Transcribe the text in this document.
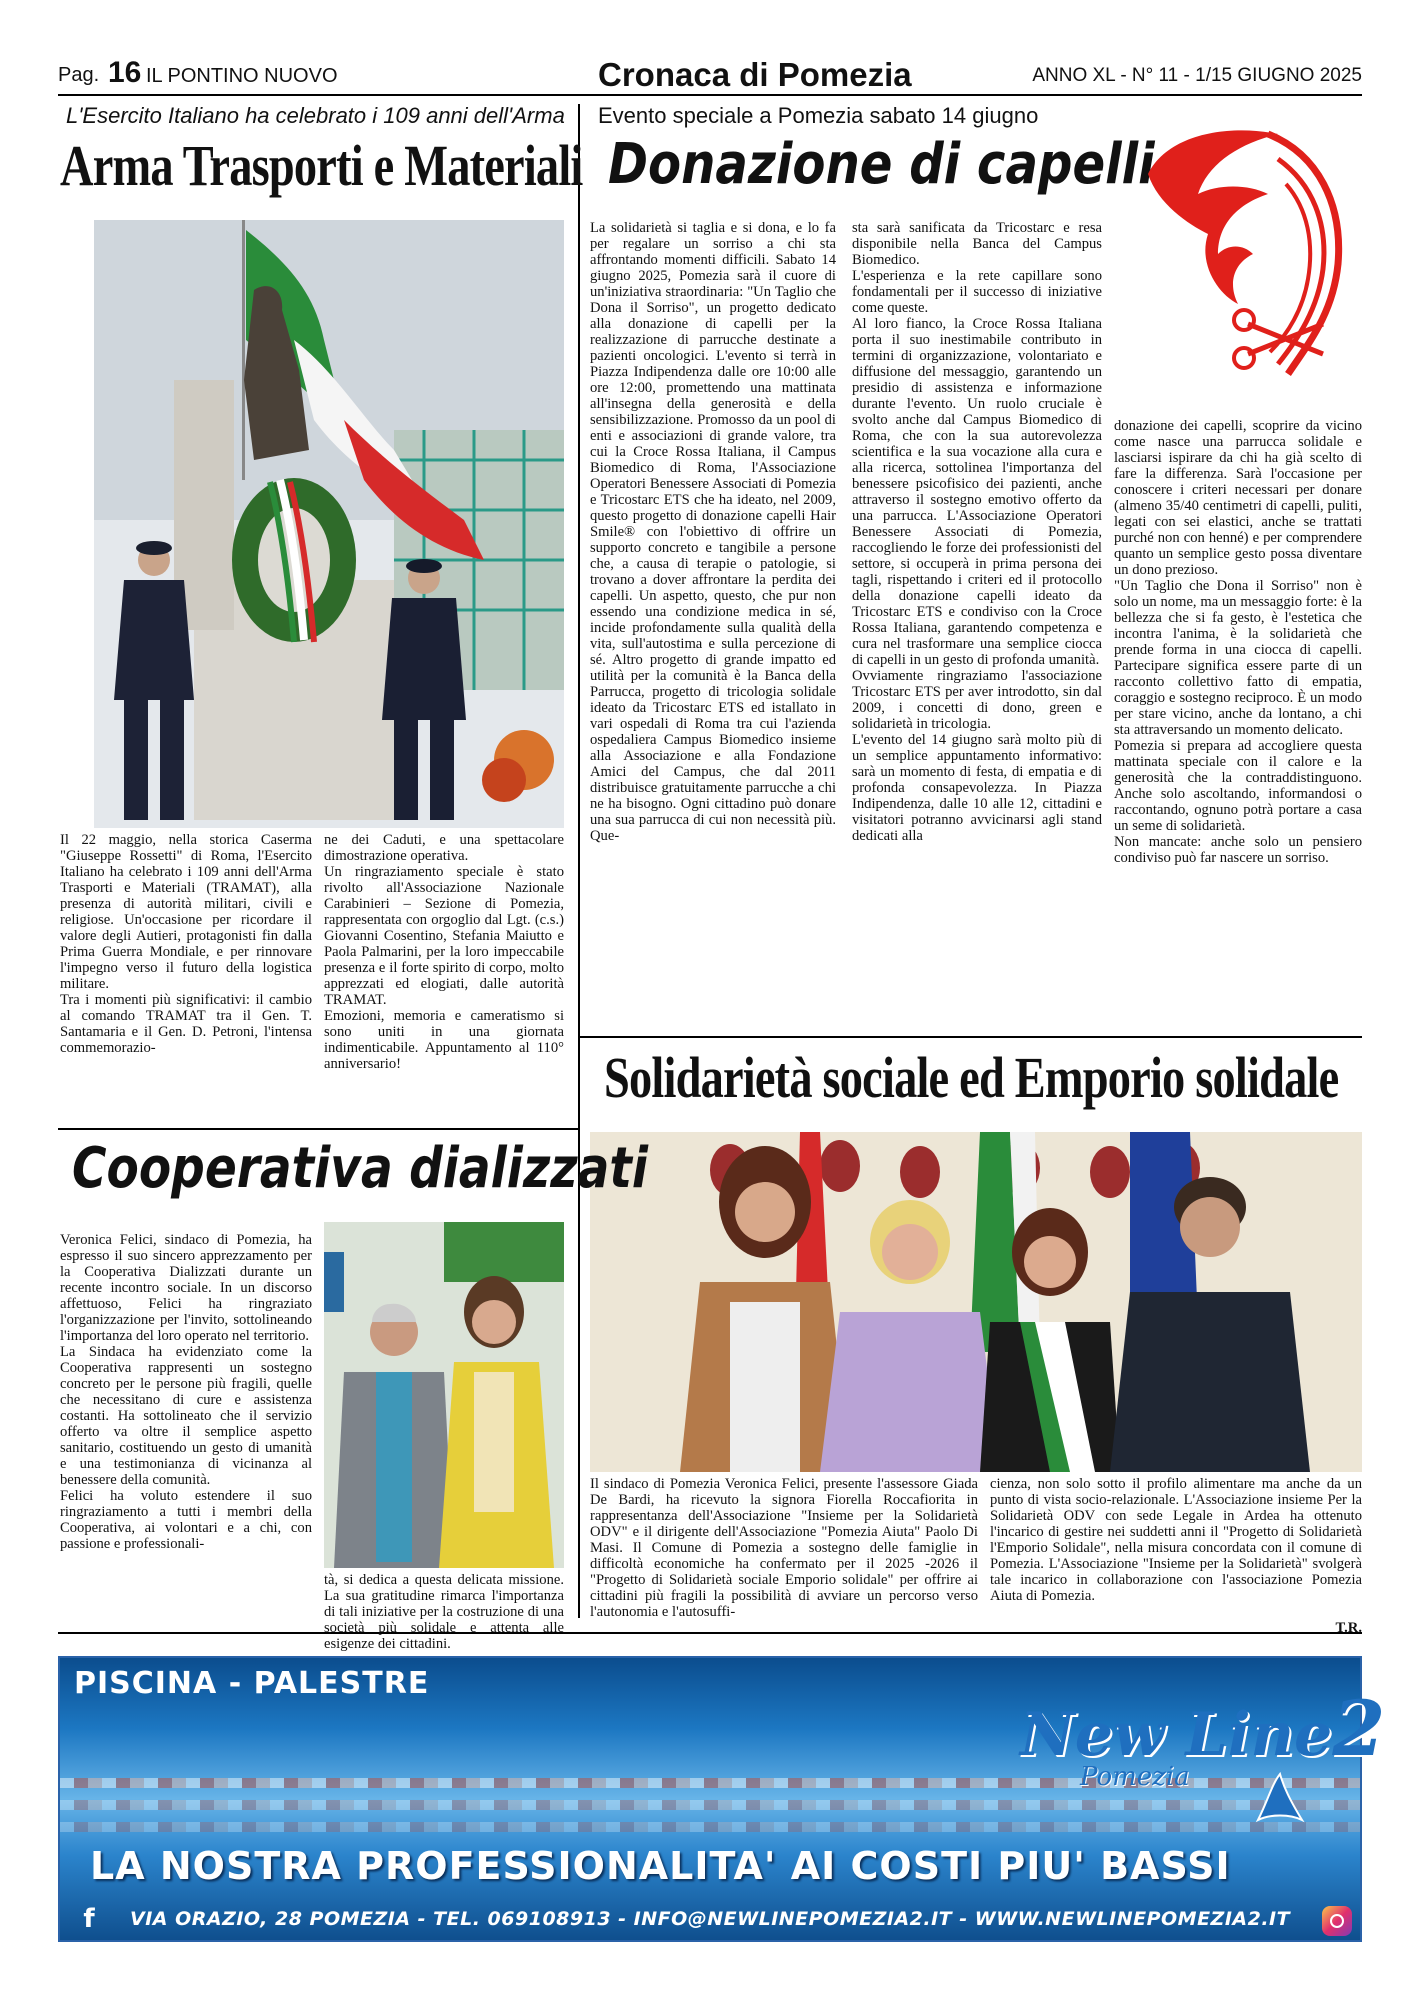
Pag. 16 IL PONTINO NUOVO	Cronaca di Pomezia	ANNO XL - N° 11 - 1/15 GIUGNO 2025
L'Esercito Italiano ha celebrato i 109 anni dell'Arma
Arma Trasporti e Materiali

Il 22 maggio, nella storica Caserma "Giuseppe Rossetti" di Roma, l'Esercito Italiano ha celebrato i 109 anni dell'Arma Trasporti e Materiali (TRAMAT), alla presenza di autorità militari, civili e religiose. Un'occasione per ricordare il valore degli Autieri, protagonisti fin dalla Prima Guerra Mondiale, e per rinnovare l'impegno verso il futuro della logistica militare.

Tra i momenti più significativi: il cambio al comando TRAMAT tra il Gen. T. Santamaria e il Gen. D. Petroni, l'intensa commemorazio-

ne dei Caduti, e una spettacolare dimostrazione operativa.

Un ringraziamento speciale è stato rivolto all'Associazione Nazionale Carabinieri – Sezione di Pomezia, rappresentata con orgoglio dal Lgt. (c.s.) Giovanni Cosentino, Stefania Maiutto e Paola Palmarini, per la loro impeccabile presenza e il forte spirito di corpo, molto apprezzati ed elogiati, dalle autorità TRAMAT.

Emozioni, memoria e cameratismo si sono uniti in una giornata indimenticabile. Appuntamento al 110° anniversario!

Evento speciale a Pomezia sabato 14 giugno
Donazione di capelli

La solidarietà si taglia e si dona, e lo fa per regalare un sorriso a chi sta affrontando momenti difficili. Sabato 14 giugno 2025, Pomezia sarà il cuore di un'iniziativa straordinaria: "Un Taglio che Dona il Sorriso", un progetto dedicato alla donazione di capelli per la realizzazione di parrucche destinate a pazienti oncologici. L'evento si terrà in Piazza Indipendenza dalle ore 10:00 alle ore 12:00, promettendo una mattinata all'insegna della generosità e della sensibilizzazione. Promosso da un pool di enti e associazioni di grande valore, tra cui la Croce Rossa Italiana, il Campus Biomedico di Roma, l'Associazione Operatori Benessere Associati di Pomezia e Tricostarc ETS che ha ideato, nel 2009, questo progetto di donazione capelli Hair Smile® con l'obiettivo di offrire un supporto concreto e tangibile a persone che, a causa di terapie o patologie, si trovano a dover affrontare la perdita dei capelli. Un aspetto, questo, che pur non essendo una condizione medica in sé, incide profondamente sulla qualità della vita, sull'autostima e sulla percezione di sé. Altro progetto di grande impatto ed utilità per la comunità è la Banca della Parrucca, progetto di tricologia solidale ideato da Tricostarc ETS ed istallato in vari ospedali di Roma tra cui l'azienda ospedaliera Campus Biomedico insieme alla Associazione e alla Fondazione Amici del Campus, che dal 2011 distribuisce gratuitamente parrucche a chi ne ha bisogno. Ogni cittadino può donare una sua parrucca di cui non necessità più. Que-

sta sarà sanificata da Tricostarc e resa disponibile nella Banca del Campus Biomedico.

L'esperienza e la rete capillare sono fondamentali per il successo di iniziative come queste.

Al loro fianco, la Croce Rossa Italiana porta il suo inestimabile contributo in termini di organizzazione, volontariato e diffusione del messaggio, garantendo un presidio di assistenza e informazione durante l'evento. Un ruolo cruciale è svolto anche dal Campus Biomedico di Roma, che con la sua autorevolezza scientifica e la sua vocazione alla cura e alla ricerca, sottolinea l'importanza del benessere psicofisico dei pazienti, anche attraverso il sostegno emotivo offerto da una parrucca. L'Associazione Operatori Benessere Associati di Pomezia, raccogliendo le forze dei professionisti del settore, si occuperà in prima persona dei tagli, rispettando i criteri ed il protocollo della donazione capelli ideato da Tricostarc ETS e condiviso con la Croce Rossa Italiana, garantendo competenza e cura nel trasformare una semplice ciocca di capelli in un gesto di profonda umanità.

Ovviamente ringraziamo l'associazione Tricostarc ETS per aver introdotto, sin dal 2009, i concetti di dono, green e solidarietà in tricologia.

L'evento del 14 giugno sarà molto più di un semplice appuntamento informativo: sarà un momento di festa, di empatia e di profonda consapevolezza. In Piazza Indipendenza, dalle 10 alle 12, cittadini e visitatori potranno avvicinarsi agli stand dedicati alla

donazione dei capelli, scoprire da vicino come nasce una parrucca solidale e lasciarsi ispirare da chi ha già scelto di fare la differenza. Sarà l'occasione per conoscere i criteri necessari per donare (almeno 35/40 centimetri di capelli, puliti, legati con sei elastici, anche se trattati purché non con henné) e per comprendere quanto un semplice gesto possa diventare un dono prezioso.

"Un Taglio che Dona il Sorriso" non è solo un nome, ma un messaggio forte: è la bellezza che si fa gesto, è l'estetica che incontra l'anima, è la solidarietà che prende forma in una ciocca di capelli. Partecipare significa essere parte di un racconto collettivo fatto di empatia, coraggio e sostegno reciproco. È un modo per stare vicino, anche da lontano, a chi sta attraversando un momento delicato.

Pomezia si prepara ad accogliere questa mattinata speciale con il calore e la generosità che la contraddistinguono. Anche solo ascoltando, informandosi o raccontando, ognuno potrà portare a casa un seme di solidarietà.

Non mancate: anche solo un pensiero condiviso può far nascere un sorriso.

Solidarietà sociale ed Emporio solidale

Il sindaco di Pomezia Veronica Felici, presente l'assessore Giada De Bardi, ha ricevuto la signora Fiorella Roccafiorita in rappresentanza dell'Associazione "Insieme per la Solidarietà ODV" e il dirigente dell'Associazione "Pomezia Aiuta" Paolo Di Masi. Il Comune di Pomezia a sostegno delle famiglie in difficoltà economiche ha confermato per il 2025 -2026 il "Progetto di Solidarietà sociale Emporio solidale" per offrire ai cittadini più fragili la possibilità di avviare un percorso verso l'autonomia e l'autosuffi-

cienza, non solo sotto il profilo alimentare ma anche da un punto di vista socio-relazionale. L'Associazione insieme Per la Solidarietà ODV con sede Legale in Ardea ha ottenuto l'incarico di gestire nei suddetti anni il "Progetto di Solidarietà l'Emporio Solidale", nella misura concordata con il comune di Pomezia. L'Associazione "Insieme per la Solidarietà" svolgerà tale incarico in collaborazione con l'associazione Pomezia Aiuta di Pomezia.

T.R.
Cooperativa dializzati

Veronica Felici, sindaco di Pomezia, ha espresso il suo sincero apprezzamento per la Cooperativa Dializzati durante un recente incontro sociale. In un discorso affettuoso, Felici ha ringraziato l'organizzazione per l'invito, sottolineando l'importanza del loro operato nel territorio.

La Sindaca ha evidenziato come la Cooperativa rappresenti un sostegno concreto per le persone più fragili, quelle che necessitano di cure e assistenza costanti. Ha sottolineato che il servizio offerto va oltre il semplice aspetto sanitario, costituendo un gesto di umanità e una testimonianza di vicinanza al benessere della comunità.

Felici ha voluto estendere il suo ringraziamento a tutti i membri della Cooperativa, ai volontari e a chi, con passione e professionali-

tà, si dedica a questa delicata missione. La sua gratitudine rimarca l'importanza di tali iniziative per la costruzione di una società più solidale e attenta alle esigenze dei cittadini.

PISCINA - PALESTRE
New Line2
Pomezia
LA NOSTRA PROFESSIONALITA' AI COSTI PIU' BASSI
f	VIA ORAZIO, 28 POMEZIA - TEL. 069108913 - INFO@NEWLINEPOMEZIA2.IT - WWW.NEWLINEPOMEZIA2.IT
